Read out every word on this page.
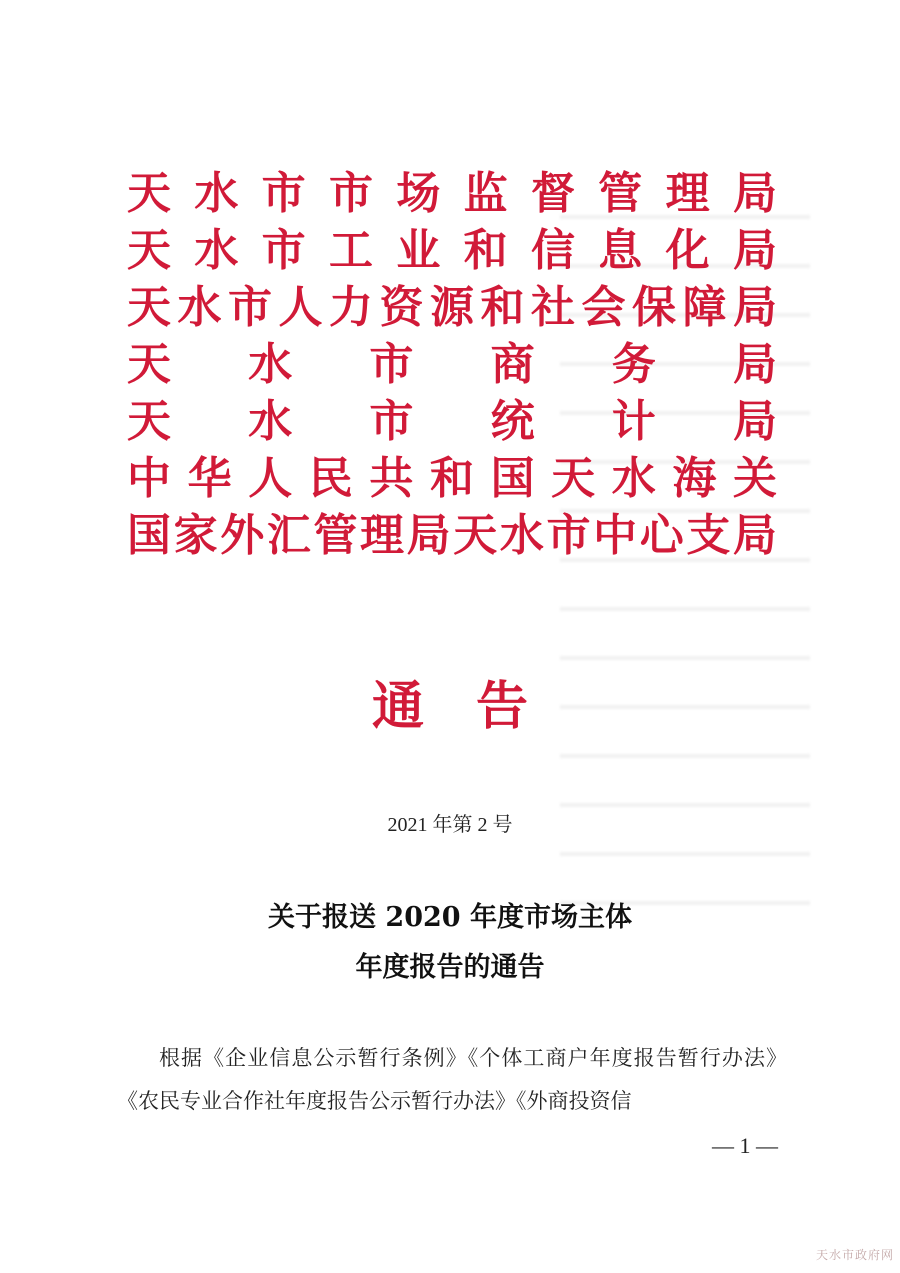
天 水 市 市 场 监 督 管 理 局
天 水 市 工 业 和 信 息 化 局
天 水 市 人 力 资 源 和 社 会 保 障 局
天 水 市 商 务 局
天 水 市 统 计 局
中 华 人 民 共 和 国 天 水 海 关
国 家 外 汇 管 理 局 天 水 市 中 心 支 局
通告
2021 年第 2 号
关于报送 2020 年度市场主体
年度报告的通告

根据《企业信息公示暂行条例》《个体工商户年度报告暂行办法》《农民专业合作社年度报告公示暂行办法》《外商投资信

— 1 —
天水市政府网
